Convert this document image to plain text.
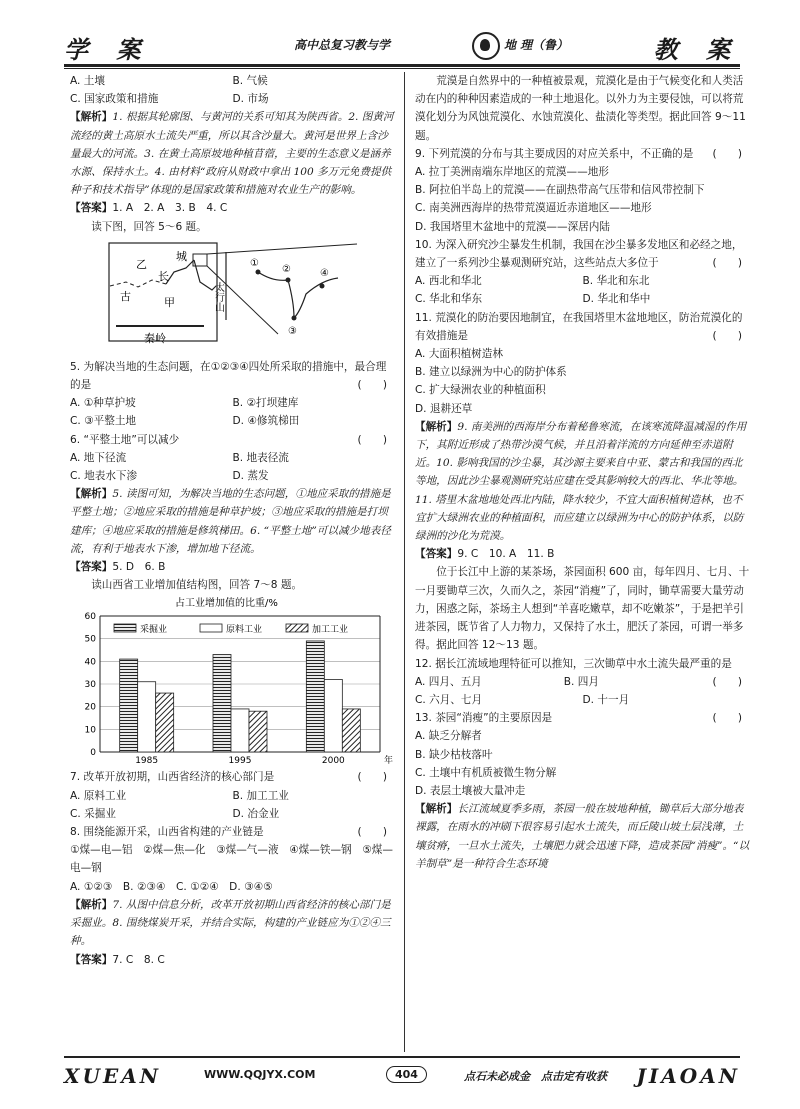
学 案	高中总复习教与学	地 理（鲁）	教 案
A. 土壤	B. 气候
C. 国家政策和措施	D. 市场

【解析】1. 根据其轮廓图、与黄河的关系可知其为陕西省。2. 图黄河流经的黄土高原水土流失严重，所以其含沙量大。黄河是世界上含沙量最大的河流。3. 在黄土高原坡地种植苜蓿，主要的生态意义是涵养水源、保持水土。4. 由材料“政府从财政中拿出 100 多万元免费提供种子和技术指导”体现的是国家政策和措施对农业生产的影响。

【答案】1. A　2. A　3. B　4. C

读下图，回答 5～6 题。

乙
长
城
古	甲
秦岭
太行山
①
②
③
④

5. 为解决当地的生态问题，在①②③④四处所采取的措施中，最合理的是	(　　)

A. ①种草护坡	B. ②打坝建库
C. ③平整土地	D. ④修筑梯田

6. “平整土地”可以减少	(　　)

A. 地下径流	B. 地表径流
C. 地表水下渗	D. 蒸发

【解析】5. 读图可知，为解决当地的生态问题，①地应采取的措施是平整土地；②地应采取的措施是种草护坡；③地应采取的措施是打坝建库；④地应采取的措施是修筑梯田。6. “平整土地”可以减少地表径流，有利于地表水下渗，增加地下径流。

【答案】5. D　6. B

读山西省工业增加值结构图，回答 7～8 题。

占工业增加值的比重/%
0
10
20
30
40
50
60
1985	1995	2000	年
采掘业	原料工业	加工工业

7. 改革开放初期，山西省经济的核心部门是	(　　)

A. 原料工业	B. 加工工业
C. 采掘业	D. 冶金业

8. 围绕能源开采，山西省构建的产业链是	(　　)

①煤—电—铝　②煤—焦—化　③煤—气—液　④煤—铁—钢　⑤煤—电—钢

A. ①②③　B. ②③④　C. ①②④　D. ③④⑤

【解析】7. 从图中信息分析，改革开放初期山西省经济的核心部门是采掘业。8. 围绕煤炭开采，并结合实际，构建的产业链应为①②④三种。

【答案】7. C　8. C

荒漠是自然界中的一种植被景观，荒漠化是由于气候变化和人类活动在内的种种因素造成的一种土地退化。以外力为主要侵蚀，可以将荒漠化划分为风蚀荒漠化、水蚀荒漠化、盐渍化等类型。据此回答 9～11 题。

9. 下列荒漠的分布与其主要成因的对应关系中，不正确的是 (　　)

A. 拉丁美洲南端东岸地区的荒漠——地形

B. 阿拉伯半岛上的荒漠——在副热带高气压带和信风带控制下

C. 南美洲西海岸的热带荒漠逼近赤道地区——地形

D. 我国塔里木盆地中的荒漠——深居内陆

10. 为深入研究沙尘暴发生机制，我国在沙尘暴多发地区和必经之地，建立了一系列沙尘暴观测研究站，这些站点大多位于	(　　)

A. 西北和华北	B. 华北和东北
C. 华北和华东	D. 华北和华中

11. 荒漠化的防治要因地制宜，在我国塔里木盆地地区，防治荒漠化的有效措施是	(　　)

A. 大面积植树造林

B. 建立以绿洲为中心的防护体系

C. 扩大绿洲农业的种植面积

D. 退耕还草

【解析】9. 南美洲的西海岸分布着秘鲁寒流，在该寒流降温减湿的作用下，其附近形成了热带沙漠气候，并且沿着洋流的方向延伸至赤道附近。10. 影响我国的沙尘暴，其沙源主要来自中亚、蒙古和我国的西北等地，因此沙尘暴观测研究站应建在受其影响较大的西北、华北等地。11. 塔里木盆地地处西北内陆，降水较少，不宜大面积植树造林，也不宜扩大绿洲农业的种植面积，而应建立以绿洲为中心的防护体系，以防绿洲的沙化为荒漠。

【答案】9. C　10. A　11. B

位于长江中上游的某茶场，茶园面积 600 亩，每年四月、七月、十一月要锄草三次，久而久之，茶园“消瘦”了，同时，锄草需要大量劳动力，困惑之际，茶场主人想到“羊喜吃嫩草，却不吃嫩茶”，于是把羊引进茶园，既节省了人力物力，又保持了水土，肥沃了茶园，可谓一举多得。据此回答 12～13 题。

12. 据长江流域地理特征可以推知，三次锄草中水土流失最严重的是
(　　)

A. 四月、五月	B. 四月
C. 六月、七月	D. 十一月

13. 茶园“消瘦”的主要原因是	(　　)

A. 缺乏分解者

B. 缺少枯枝落叶

C. 土壤中有机质被微生物分解

D. 表层土壤被大量冲走

【解析】长江流域夏季多雨，茶园一般在坡地种植，锄草后大部分地表裸露，在雨水的冲刷下很容易引起水土流失，而丘陵山坡土层浅薄，土壤贫瘠，一旦水土流失，土壤肥力就会迅速下降，造成茶园“消瘦”。“以羊制草”是一种符合生态环境

XUEAN	WWW.QQJYX.COM	404	点石未必成金　点击定有收获 JIAOAN
